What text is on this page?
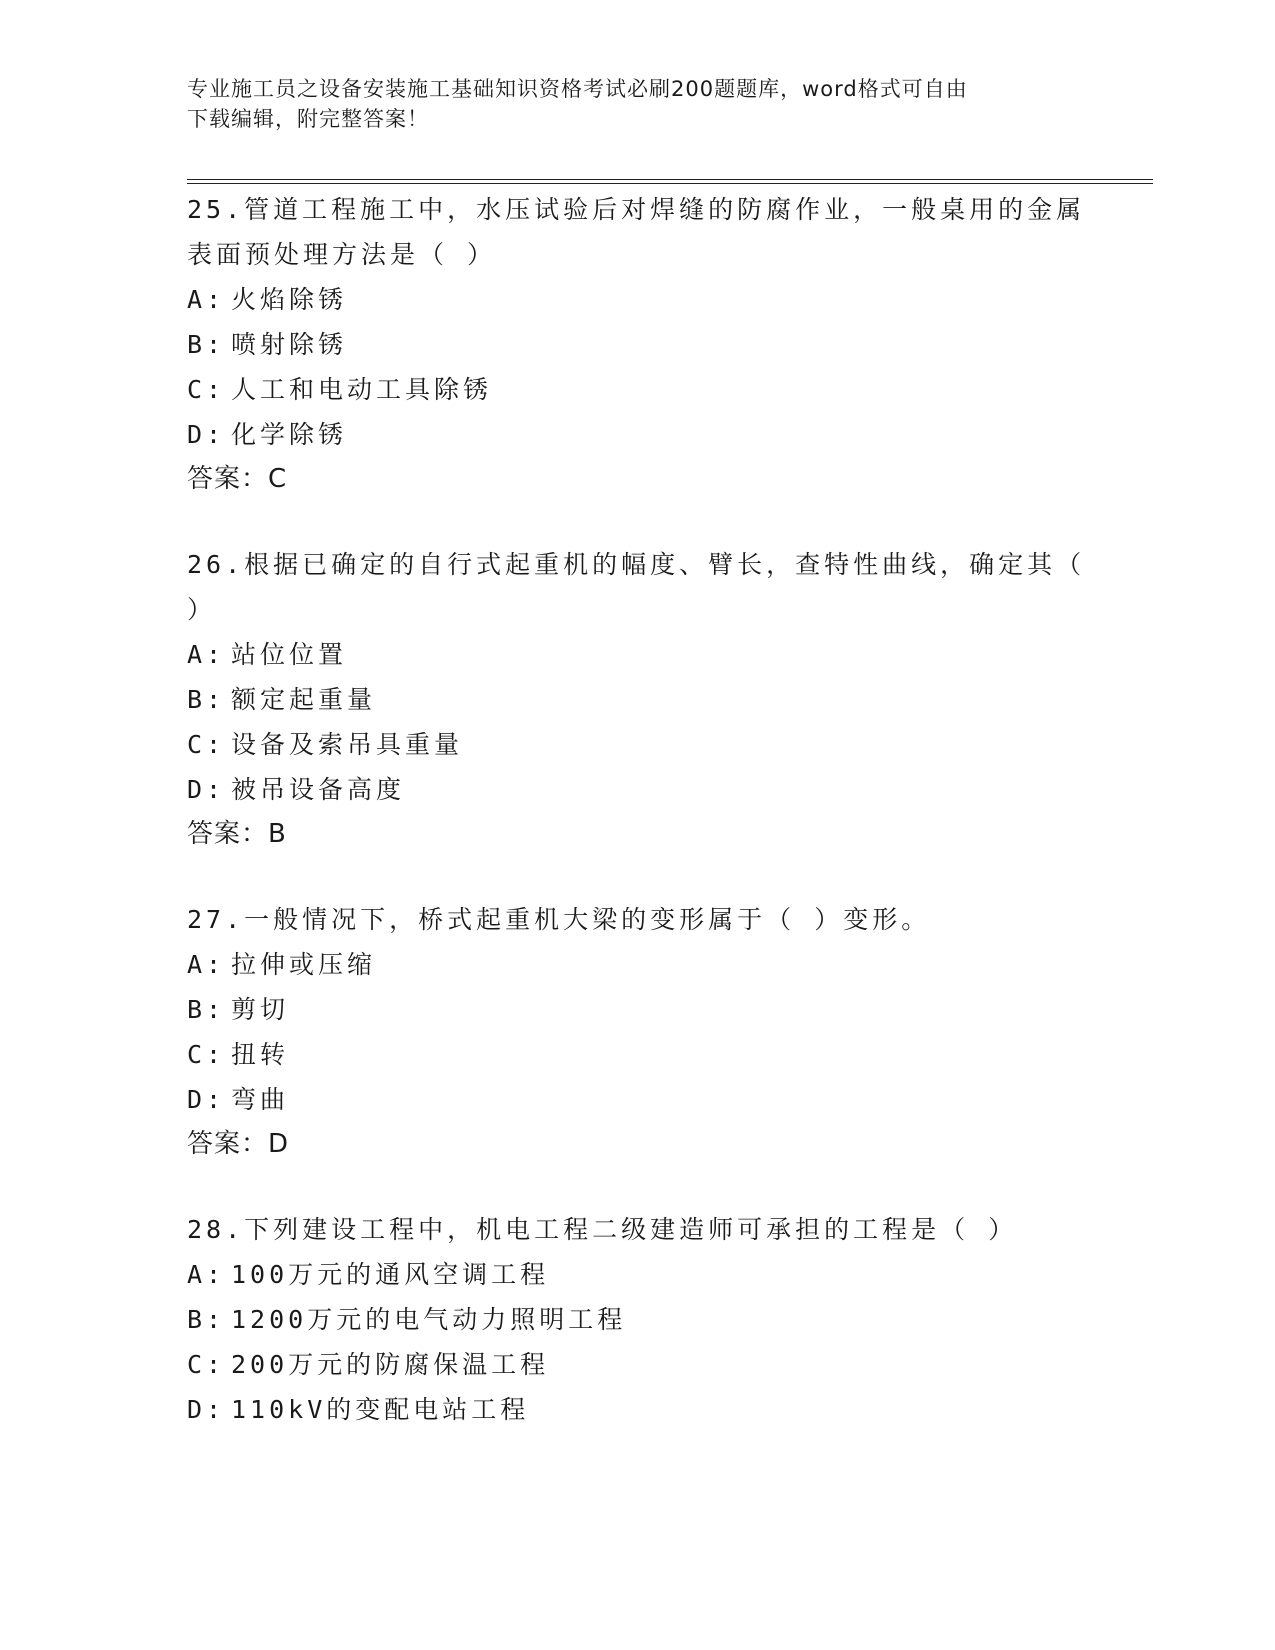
专业施工员之设备安装施工基础知识资格考试必刷200题题库，word格式可自由
下载编辑，附完整答案！

25.管道工程施工中，水压试验后对焊缝的防腐作业，一般桌用的金属

表面预处理方法是（ ）

A: 火焰除锈
B: 喷射除锈
C: 人工和电动工具除锈
D: 化学除锈

答案：C

26.根据已确定的自行式起重机的幅度、臂长，查特性曲线，确定其（

）

A: 站位位置
B: 额定起重量
C: 设备及索吊具重量
D: 被吊设备高度

答案：B

27.一般情况下，桥式起重机大梁的变形属于（ ）变形。

A: 拉伸或压缩
B: 剪切
C: 扭转
D: 弯曲

答案：D

28.下列建设工程中，机电工程二级建造师可承担的工程是（ ）

A: 100万元的通风空调工程
B: 1200万元的电气动力照明工程
C: 200万元的防腐保温工程
D: 110kV的变配电站工程
